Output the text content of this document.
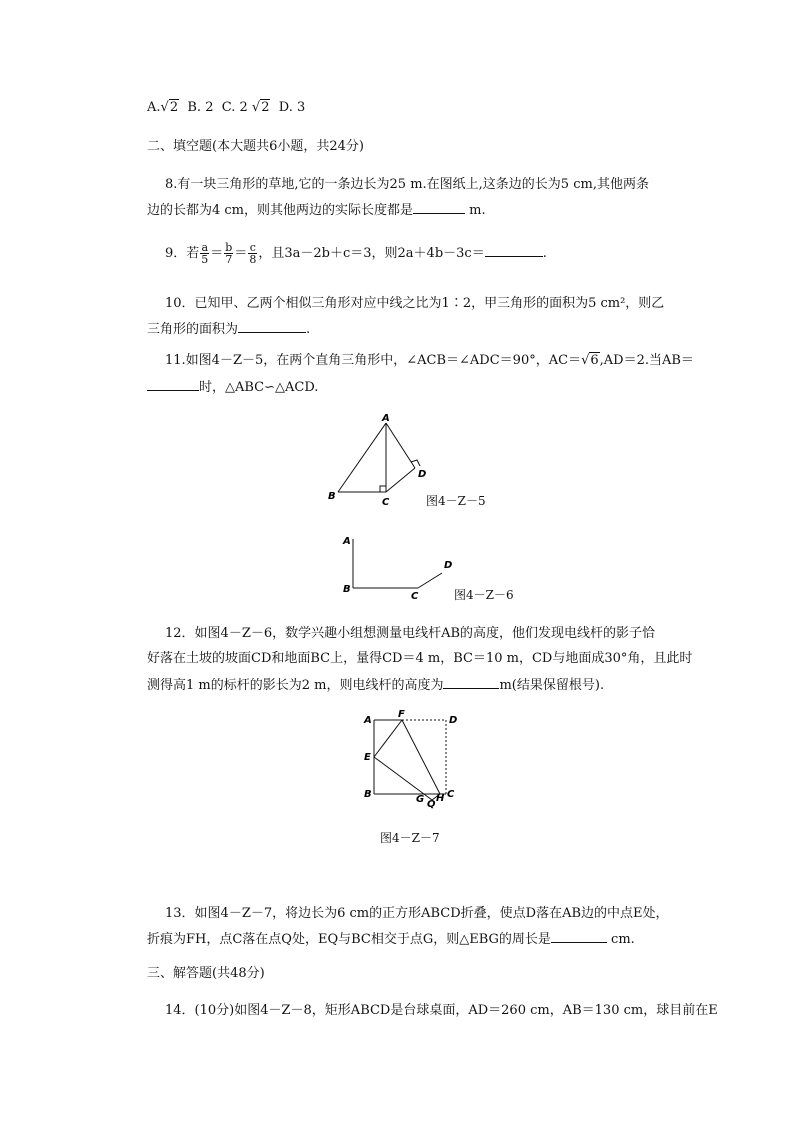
A.√2 B. 2 C. 2 √2 D. 3
二、填空题(本大题共6小题，共24分)
8.有一块三角形的草地,它的一条边长为25 m.在图纸上,这条边的长为5 cm,其他两条
边的长都为4 cm，则其他两边的实际长度都是	m.
9．若 $\frac{a}{5} = \frac{b}{7} = \frac{c}{8}$ ，且3a－2b＋c＝3，则2a＋4b－3c＝	.
10．已知甲、乙两个相似三角形对应中线之比为1∶2，甲三角形的面积为5 cm²，则乙
三角形的面积为	.
11.如图4－Z－5，在两个直角三角形中，∠ACB＝∠ADC＝90°，AC＝√6,AD＝2.当AB＝
时，△ABC∽△ACD.
A
B
C
D
图4－Z－5
A
B
C
D
图4－Z－6
12．如图4－Z－6，数学兴趣小组想测量电线杆AB的高度，他们发现电线杆的影子恰
好落在土坡的坡面CD和地面BC上，量得CD＝4 m，BC＝10 m，CD与地面成30°角，且此时
测得高1 m的标杆的影长为2 m，则电线杆的高度为	m(结果保留根号).
A
F
D
E
B	G H
Q
C
图4－Z－7
13．如图4－Z－7，将边长为6 cm的正方形ABCD折叠，使点D落在AB边的中点E处，
折痕为FH，点C落在点Q处，EQ与BC相交于点G，则△EBG的周长是	cm.
三、解答题(共48分)
14．(10分)如图4－Z－8，矩形ABCD是台球桌面，AD＝260 cm，AB＝130 cm，球目前在E
